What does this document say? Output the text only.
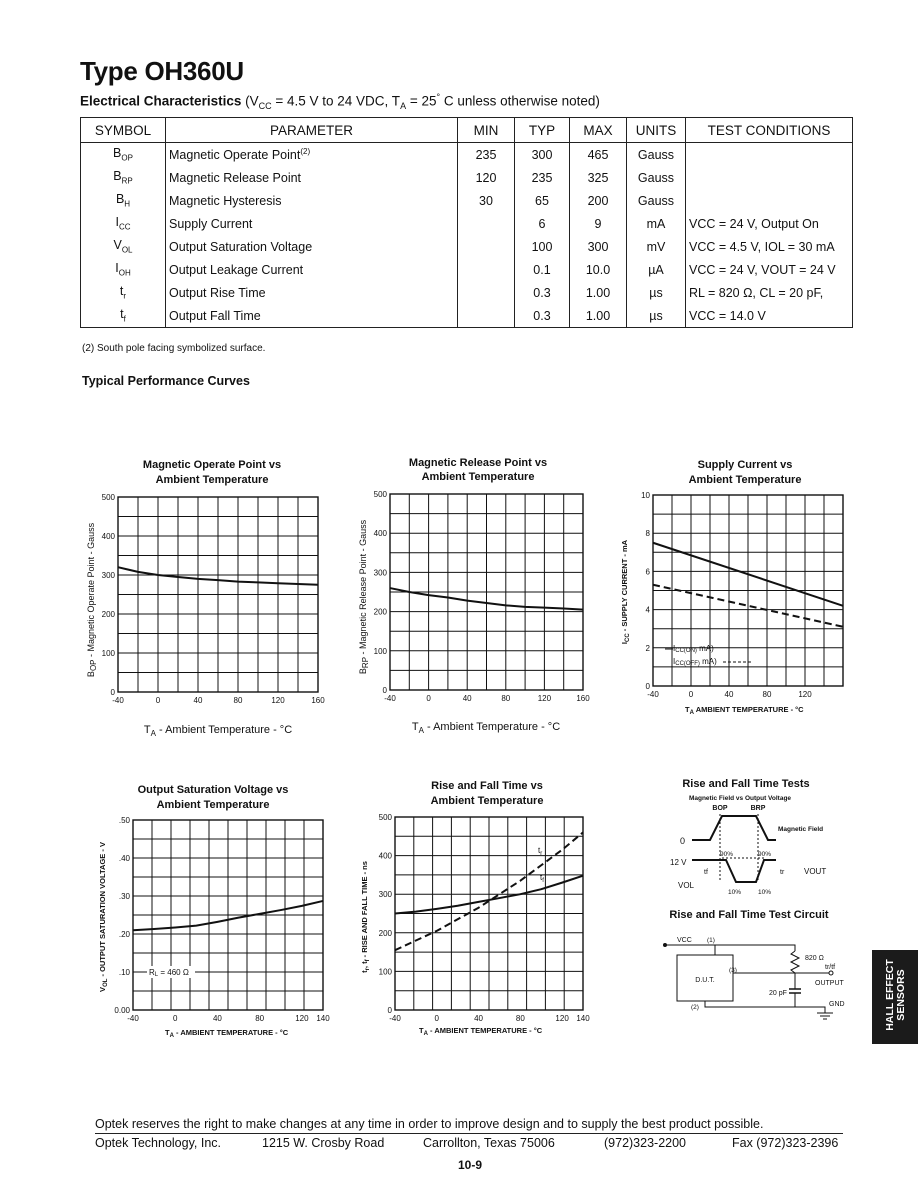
Type OH360U
Electrical Characteristics ($V_{CC} = 4.5$ V to 24 VDC, $T_A = 25^\circ$ C unless otherwise noted)
SYMBOL	PARAMETER	MIN	TYP	MAX	UNITS	TEST CONDITIONS
$B_{OP}$	Magnetic Operate Point$^{(2)}$	235	300	465	Gauss	
$B_{RP}$	Magnetic Release Point	120	235	325	Gauss	
$B_H$	Magnetic Hysteresis	30	65	200	Gauss	
$I_{CC}$	Supply Current		6	9	mA	VCC = 24 V, Output On
$V_{OL}$	Output Saturation Voltage		100	300	mV	VCC = 4.5 V, IOL = 30 mA
$I_{OH}$	Output Leakage Current		0.1	10.0	µA	VCC = 24 V, VOUT = 24 V
$t_r$	Output Rise Time		0.3	1.00	µs	RL = 820 Ω, CL = 20 pF,
$t_f$	Output Fall Time		0.3	1.00	µs	VCC = 14.0 V
(2) South pole facing symbolized surface.
Typical Performance Curves
Magnetic Operate Point vs
Ambient Temperature
-40	0	40	80	120	160
0
100
200
300
400
500
$T_A$ - Ambient Temperature - °C
BOP - Magnetic Operate Point - Gauss
Magnetic Release Point vs
Ambient Temperature
-40	0	40	80	120	160
0
100
200
300
400
500
$T_A$ - Ambient Temperature - °C
BRP - Magnetic Release Point - Gauss
Supply Current vs
Ambient Temperature
-40	0	40	80	120
0
2
4
6
8
10
$T_A$ AMBIENT TEMPERATURE - °C
$I_{CC}$ - SUPPLY CURRENT - mA
ICC(ON) mA)
ICC(OFF) mA)
Output Saturation Voltage vs
Ambient Temperature
-40	0	40	80	120 140
0.00
.10
.20
.30
.40
.50
$T_A$ - AMBIENT TEMPERATURE - °C
$V_{OL}$ - OUTPUT SATURATION VOLTAGE - V	RL = 460 Ω
Rise and Fall Time vs
Ambient Temperature
-40	0	40	80	120 140
0
100
200
300
400
500
$T_A$ - AMBIENT TEMPERATURE - °C
$t_r$, $t_f$ - RISE AND FALL TIME - ns
$t_r$
$t_f$
Rise and Fall Time Tests
Magnetic Field vs Output Voltage
BOP	BRP
0
Magnetic Field
12 V
VOL
90%	90%
10%	10%
tf	tr VOUT
Rise and Fall Time Test Circuit
VCC (1)
D.U.T.
(3)
(2)
820 Ω
tr/tf
OUTPUT
20 pF
GND
Optek reserves the right to make changes at any time in order to improve design and to supply the best product possible.
Optek Technology, Inc.	1215 W. Crosby Road	Carrollton, Texas 75006	(972)323-2200	Fax (972)323-2396
10-9
HALL EFFECT SENSORS
